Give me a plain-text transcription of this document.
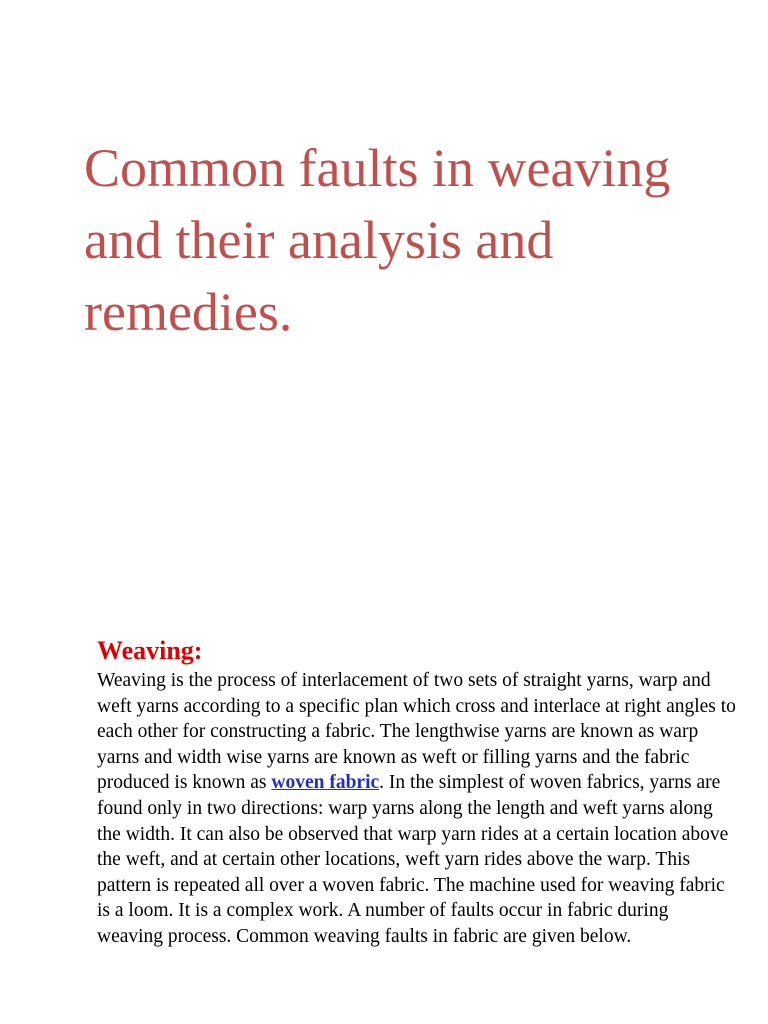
Common faults in weaving and their analysis and remedies.
Weaving:

Weaving is the process of interlacement of two sets of straight yarns, warp and weft yarns according to a specific plan which cross and interlace at right angles to each other for constructing a fabric. The lengthwise yarns are known as warp yarns and width wise yarns are known as weft or filling yarns and the fabric produced is known as woven fabric. In the simplest of woven fabrics, yarns are found only in two directions: warp yarns along the length and weft yarns along the width. It can also be observed that warp yarn rides at a certain location above the weft, and at certain other locations, weft yarn rides above the warp. This pattern is repeated all over a woven fabric. The machine used for weaving fabric is a loom. It is a complex work. A number of faults occur in fabric during weaving process. Common weaving faults in fabric are given below.
